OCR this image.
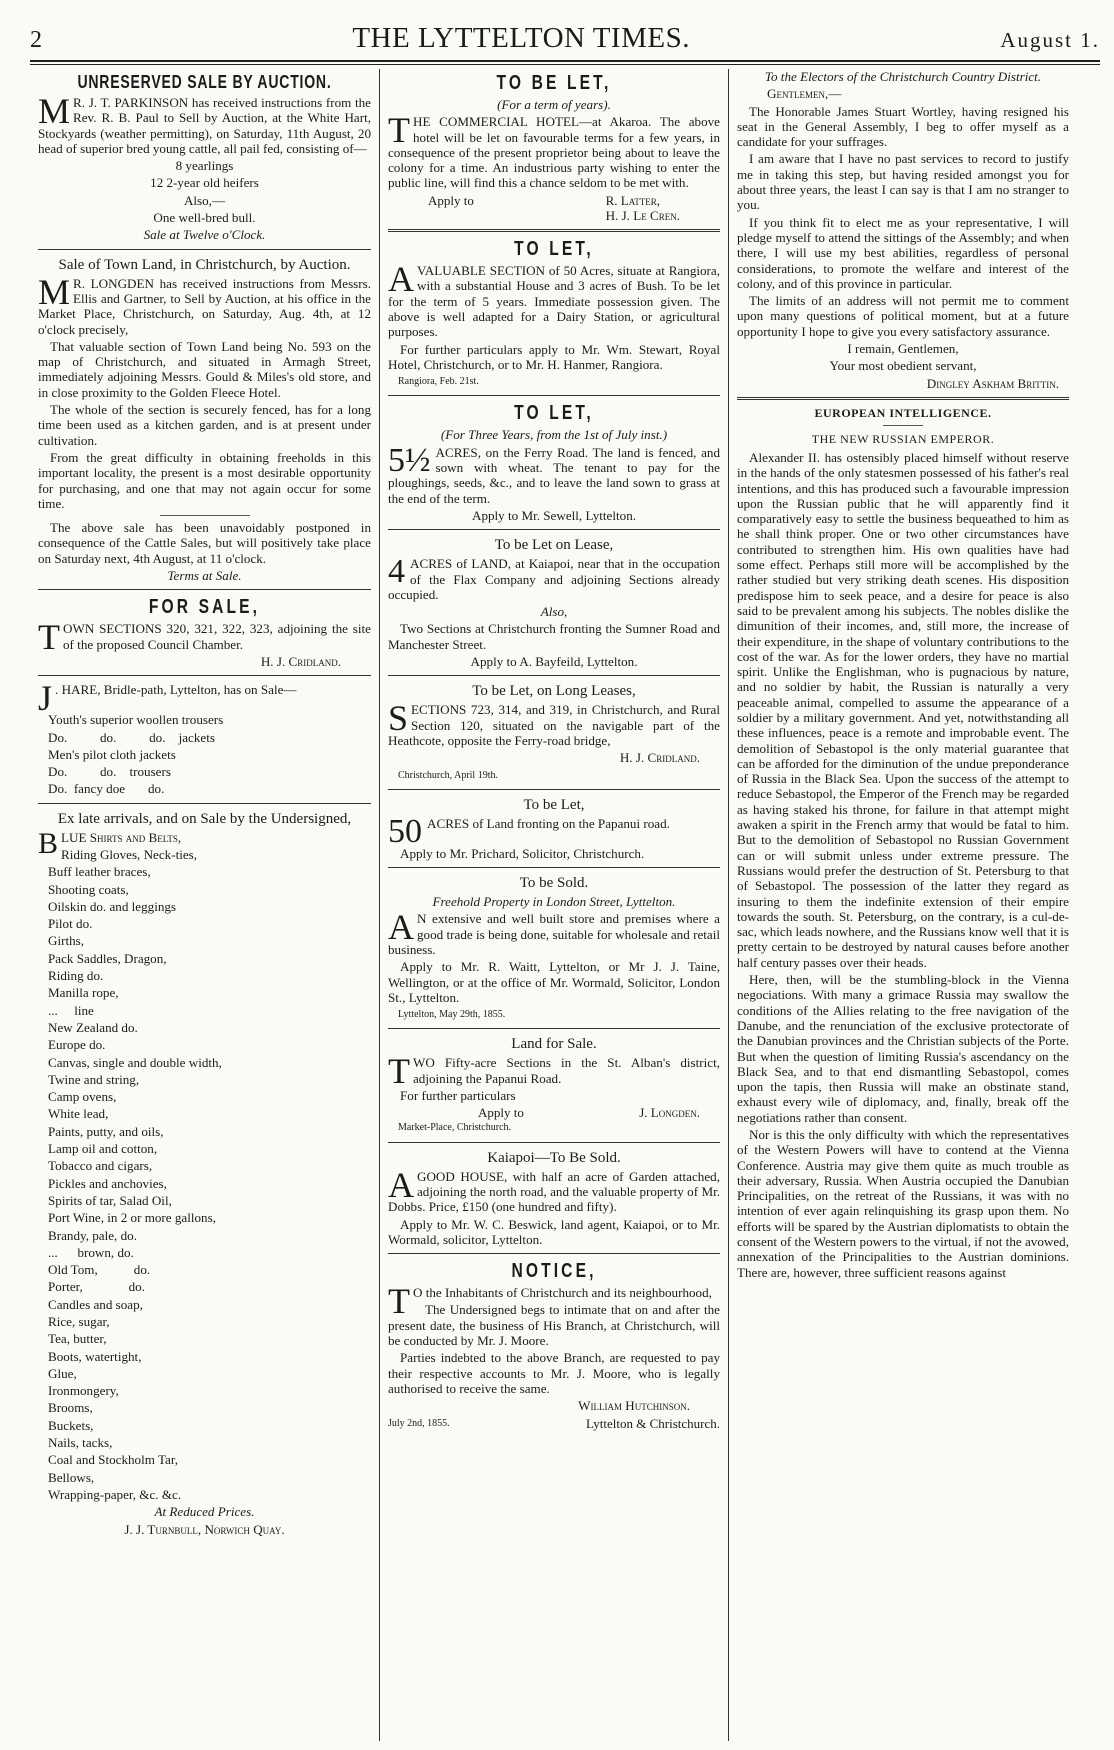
2	THE LYTTELTON TIMES.	August 1.
UNRESERVED SALE BY AUCTION.

M R. J. T. PARKINSON has received instructions from the Rev. R. B. Paul to Sell by Auction, at the White Hart, Stockyards (weather permitting), on Saturday, 11th August, 20 head of superior bred young cattle, all pail fed, consisting of—

8 yearlings

12 2-year old heifers

Also,—

One well-bred bull.

Sale at Twelve o'Clock.

Sale of Town Land, in Christchurch, by Auction.

M R. LONGDEN has received instructions from Messrs. Ellis and Gartner, to Sell by Auction, at his office in the Market Place, Christchurch, on Saturday, Aug. 4th, at 12 o'clock precisely,

That valuable section of Town Land being No. 593 on the map of Christchurch, and situated in Armagh Street, immediately adjoining Messrs. Gould & Miles's old store, and in close proximity to the Golden Fleece Hotel.

The whole of the section is securely fenced, has for a long time been used as a kitchen garden, and is at present under cultivation.

From the great difficulty in obtaining freeholds in this important locality, the present is a most desirable opportunity for purchasing, and one that may not again occur for some time.

The above sale has been unavoidably postponed in consequence of the Cattle Sales, but will positively take place on Saturday next, 4th August, at 11 o'clock.

Terms at Sale.

FOR SALE,

TOWN SECTIONS 320, 321, 322, 323, adjoining the site of the proposed Council Chamber.

H. J. Cridland.

J . HARE, Bridle-path, Lyttelton, has on Sale—

Youth's superior woollen trousers

Do.          do.          do.    jackets

Men's pilot cloth jackets

Do.          do.    trousers

Do.  fancy doe       do.

Ex late arrivals, and on Sale by the Undersigned,

BLUE Shirts and Belts,

Riding Gloves, Neck-ties,

Buff leather braces,

Shooting coats,

Oilskin do. and leggings

Pilot do.

Girths,

Pack Saddles, Dragon,

Riding do.

Manilla rope,

...     line

New Zealand do.

Europe do.

Canvas, single and double width,

Twine and string,

Camp ovens,

White lead,

Paints, putty, and oils,

Lamp oil and cotton,

Tobacco and cigars,

Pickles and anchovies,

Spirits of tar, Salad Oil,

Port Wine, in 2 or more gallons,

Brandy, pale, do.

...      brown, do.

Old Tom,           do.

Porter,              do.

Candles and soap,

Rice, sugar,

Tea, butter,

Boots, watertight,

Glue,

Ironmongery,

Brooms,

Buckets,

Nails, tacks,

Coal and Stockholm Tar,

Bellows,

Wrapping-paper, &c. &c.

At Reduced Prices.

J. J. Turnbull, Norwich Quay.

TO BE LET,

(For a term of years).

THE COMMERCIAL HOTEL—at Akaroa. The above hotel will be let on favourable terms for a few years, in consequence of the present proprietor being about to leave the colony for a time. An industrious party wishing to enter the public line, will find this a chance seldom to be met with.

Apply to	R. Latter,

H. J. Le Cren.

TO LET,

AVALUABLE SECTION of 50 Acres, situate at Rangiora, with a substantial House and 3 acres of Bush. To be let for the term of 5 years. Immediate possession given. The above is well adapted for a Dairy Station, or agricultural purposes.

For further particulars apply to Mr. Wm. Stewart, Royal Hotel, Christchurch, or to Mr. H. Hanmer, Rangiora.

Rangiora, Feb. 21st.

TO LET,

(For Three Years, from the 1st of July inst.)

5½ ACRES, on the Ferry Road. The land is fenced, and sown with wheat. The tenant to pay for the ploughings, seeds, &c., and to leave the land sown to grass at the end of the term.

Apply to Mr. Sewell, Lyttelton.

To be Let on Lease,

4 ACRES of LAND, at Kaiapoi, near that in the occupation of the Flax Company and adjoining Sections already occupied.

Also,

Two Sections at Christchurch fronting the Sumner Road and Manchester Street.

Apply to A. Bayfeild, Lyttelton.

To be Let, on Long Leases,

SECTIONS 723, 314, and 319, in Christchurch, and Rural Section 120, situated on the navigable part of the Heathcote, opposite the Ferry-road bridge,

H. J. Cridland.

Christchurch, April 19th.

To be Let,

50 ACRES of Land fronting on the Papanui road.

Apply to Mr. Prichard, Solicitor, Christchurch.

To be Sold.

Freehold Property in London Street, Lyttelton.

A N extensive and well built store and premises where a good trade is being done, suitable for wholesale and retail business.

Apply to Mr. R. Waitt, Lyttelton, or Mr J. J. Taine, Wellington, or at the office of Mr. Wormald, Solicitor, London St., Lyttelton.

Lyttelton, May 29th, 1855.

Land for Sale.

TWO Fifty-acre Sections in the St. Alban's district, adjoining the Papanui Road.

For further particulars

Apply to	J. Longden.

Market-Place, Christchurch.

Kaiapoi—To Be Sold.

AGOOD HOUSE, with half an acre of Garden attached, adjoining the north road, and the valuable property of Mr. Dobbs. Price, £150 (one hundred and fifty).

Apply to Mr. W. C. Beswick, land agent, Kaiapoi, or to Mr. Wormald, solicitor, Lyttelton.

NOTICE,

T O the Inhabitants of Christchurch and its neighbourhood,

The Undersigned begs to intimate that on and after the present date, the business of His Branch, at Christchurch, will be conducted by Mr. J. Moore.

Parties indebted to the above Branch, are requested to pay their respective accounts to Mr. J. Moore, who is legally authorised to receive the same.

William Hutchinson.

July 2nd, 1855.	Lyttelton & Christchurch.

To the Electors of the Christchurch Country District.

Gentlemen,—

The Honorable James Stuart Wortley, having resigned his seat in the General Assembly, I beg to offer myself as a candidate for your suffrages.

I am aware that I have no past services to record to justify me in taking this step, but having resided amongst you for about three years, the least I can say is that I am no stranger to you.

If you think fit to elect me as your representative, I will pledge myself to attend the sittings of the Assembly; and when there, I will use my best abilities, regardless of personal considerations, to promote the welfare and interest of the colony, and of this province in particular.

The limits of an address will not permit me to comment upon many questions of political moment, but at a future opportunity I hope to give you every satisfactory assurance.

I remain, Gentlemen,

Your most obedient servant,

Dingley Askham Brittin.

EUROPEAN INTELLIGENCE.
THE NEW RUSSIAN EMPEROR.

Alexander II. has ostensibly placed himself without reserve in the hands of the only statesmen possessed of his father's real intentions, and this has produced such a favourable impression upon the Russian public that he will apparently find it comparatively easy to settle the business bequeathed to him as he shall think proper. One or two other circumstances have contributed to strengthen him. His own qualities have had some effect. Perhaps still more will be accomplished by the rather studied but very striking death scenes. His disposition predispose him to seek peace, and a desire for peace is also said to be prevalent among his subjects. The nobles dislike the dimunition of their incomes, and, still more, the increase of their expenditure, in the shape of voluntary contributions to the cost of the war. As for the lower orders, they have no martial spirit. Unlike the Englishman, who is pugnacious by nature, and no soldier by habit, the Russian is naturally a very peaceable animal, compelled to assume the appearance of a soldier by a military government. And yet, notwithstanding all these influences, peace is a remote and improbable event. The demolition of Sebastopol is the only material guarantee that can be afforded for the diminution of the undue preponderance of Russia in the Black Sea. Upon the success of the attempt to reduce Sebastopol, the Emperor of the French may be regarded as having staked his throne, for failure in that attempt might awaken a spirit in the French army that would be fatal to him. But to the demolition of Sebastopol no Russian Government can or will submit unless under extreme pressure. The Russians would prefer the destruction of St. Petersburg to that of Sebastopol. The possession of the latter they regard as insuring to them the indefinite extension of their empire towards the south. St. Petersburg, on the contrary, is a cul-de-sac, which leads nowhere, and the Russians know well that it is pretty certain to be destroyed by natural causes before another half century passes over their heads.

Here, then, will be the stumbling-block in the Vienna negociations. With many a grimace Russia may swallow the conditions of the Allies relating to the free navigation of the Danube, and the renunciation of the exclusive protectorate of the Danubian provinces and the Christian subjects of the Porte. But when the question of limiting Russia's ascendancy on the Black Sea, and to that end dismantling Sebastopol, comes upon the tapis, then Russia will make an obstinate stand, exhaust every wile of diplomacy, and, finally, break off the negotiations rather than consent.

Nor is this the only difficulty with which the representatives of the Western Powers will have to contend at the Vienna Conference. Austria may give them quite as much trouble as their adversary, Russia. When Austria occupied the Danubian Principalities, on the retreat of the Russians, it was with no intention of ever again relinquishing its grasp upon them. No efforts will be spared by the Austrian diplomatists to obtain the consent of the Western powers to the virtual, if not the avowed, annexation of the Principalities to the Austrian dominions. There are, however, three sufficient reasons against
